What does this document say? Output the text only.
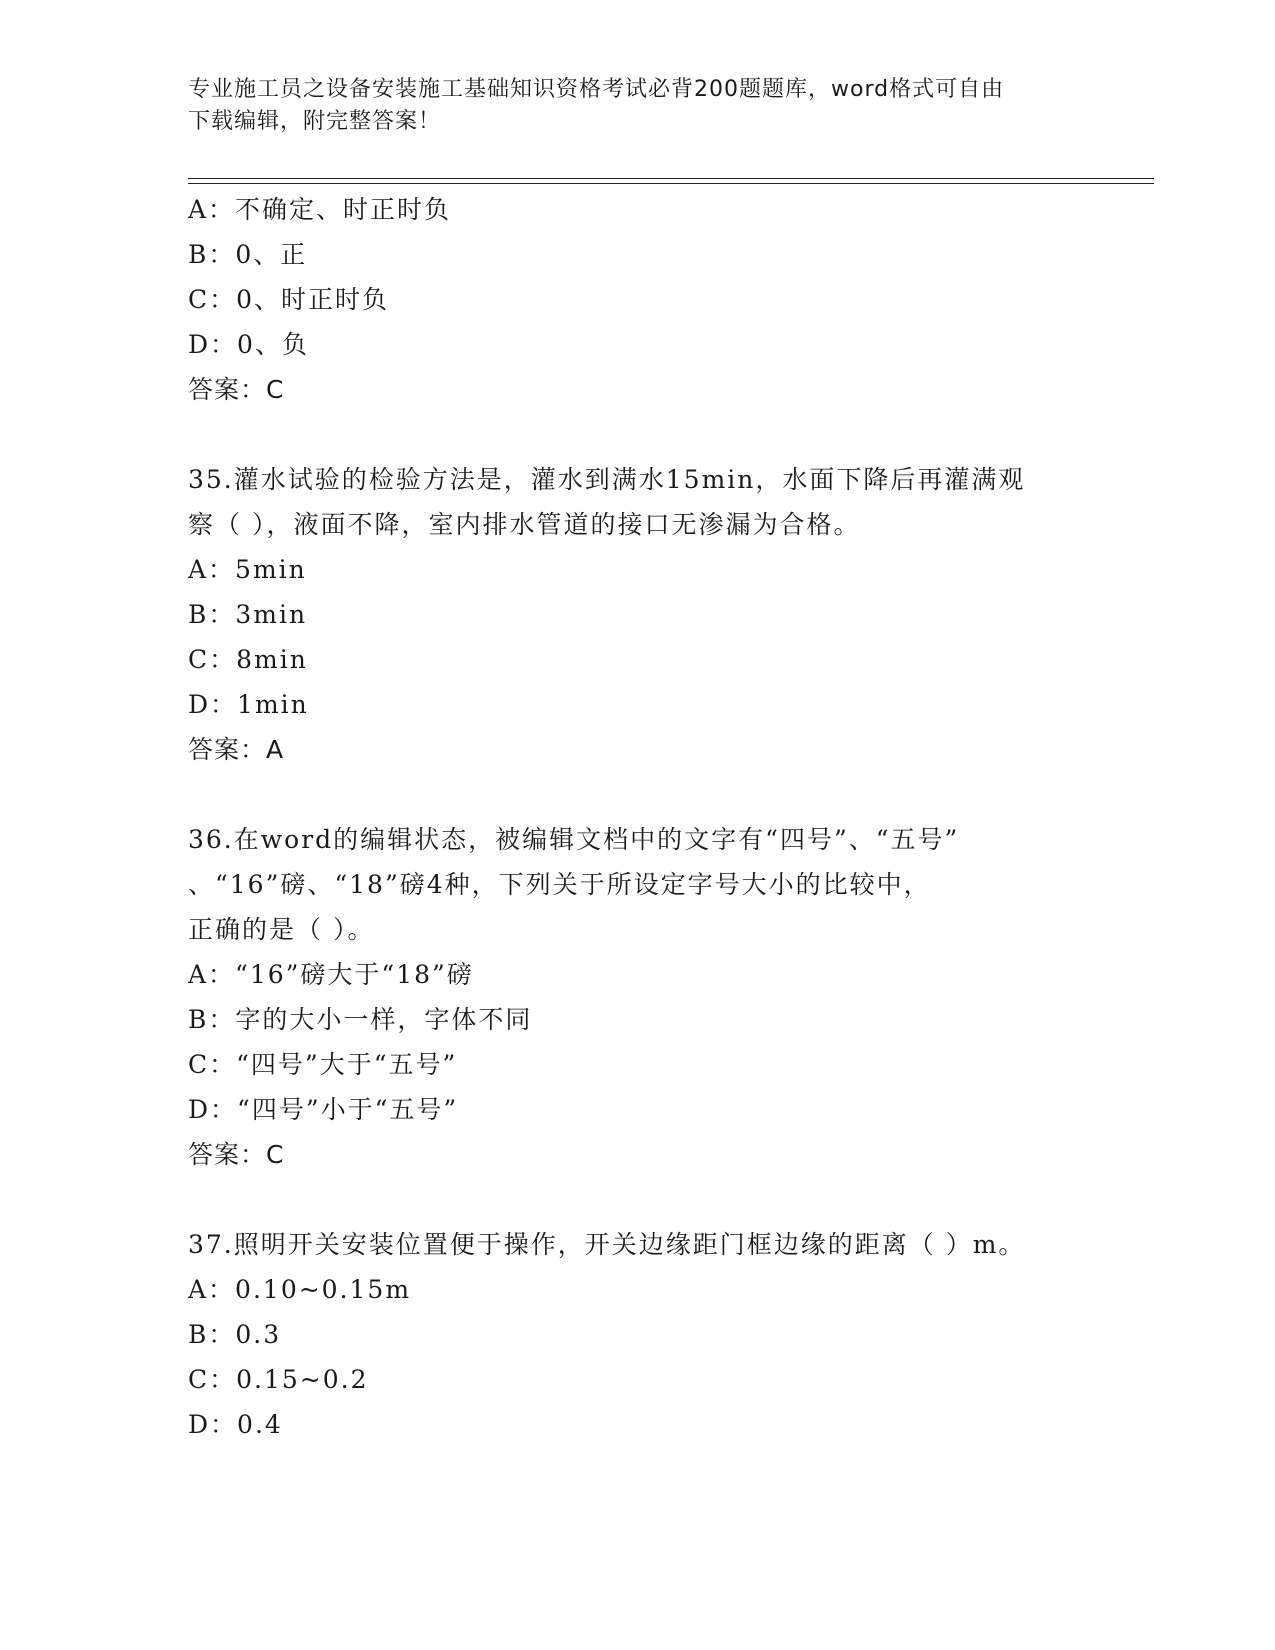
专业施工员之设备安装施工基础知识资格考试必背200题题库，word格式可自由
下载编辑，附完整答案！
A：不确定、时正时负
B：0、正
C：0、时正时负
D：0、负
答案：C
35.灌水试验的检验方法是，灌水到满水15min，水面下降后再灌满观
察（ ），液面不降，室内排水管道的接口无渗漏为合格。
A：5min
B：3min
C：8min
D：1min
答案：A
36.在word的编辑状态，被编辑文档中的文字有“四号”、“五号”
、“16”磅、“18”磅4种，下列关于所设定字号大小的比较中，
正确的是（ ）。
A：“16”磅大于“18”磅
B：字的大小一样，字体不同
C：“四号”大于“五号”
D：“四号”小于“五号”
答案：C
37.照明开关安装位置便于操作，开关边缘距门框边缘的距离（ ）m。
A：0.10~0.15m
B：0.3
C：0.15~0.2
D：0.4
